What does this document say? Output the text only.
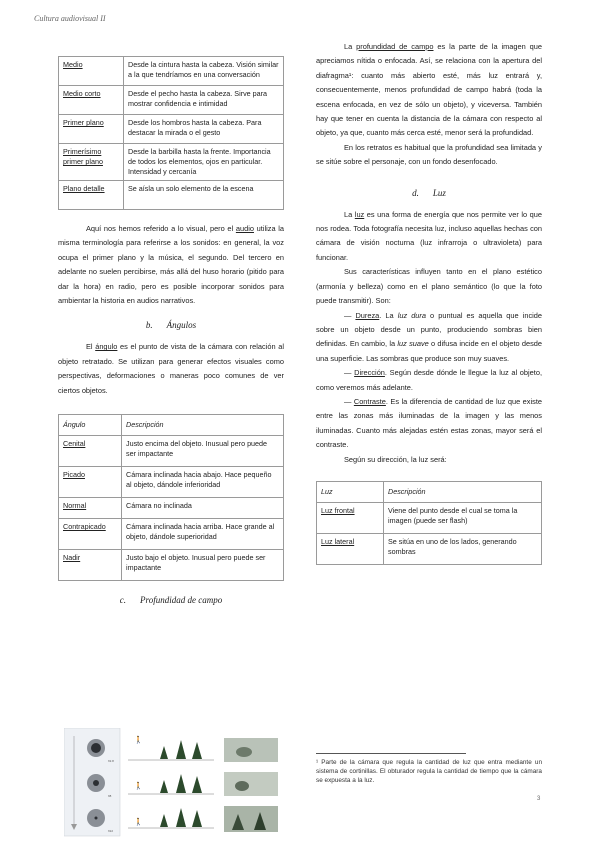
Cultura audiovisual II
Medio	Desde la cintura hasta la cabeza. Visión similar a la que tendríamos en una conversación
Medio corto	Desde el pecho hasta la cabeza. Sirve para mostrar confidencia e intimidad
Primer plano	Desde los hombros hasta la cabeza. Para destacar la mirada o el gesto
Primerísimo primer plano	Desde la barbilla hasta la frente. Importancia de todos los elementos, ojos en particular. Intensidad y cercanía
Plano detalle	Se aísla un solo elemento de la escena

Aquí nos hemos referido a lo visual, pero el audio utiliza la misma terminología para referirse a los sonidos: en general, la voz ocupa el primer plano y la música, el segundo. Del tercero en adelante no suelen percibirse, más allá del huso horario (pitido para dar la hora) en radio, pero es posible incorporar sonidos para ambientar la historia en audios narrativos.

b. Ángulos

El ángulo es el punto de vista de la cámara con relación al objeto retratado. Se utilizan para generar efectos visuales como perspectivas, deformaciones o maneras poco comunes de ver ciertos objetos.

Ángulo	Descripción
Cenital	Justo encima del objeto. Inusual pero puede ser impactante
Picado	Cámara inclinada hacia abajo. Hace pequeño al objeto, dándole inferioridad
Normal	Cámara no inclinada
Contrapicado	Cámara inclinada hacia arriba. Hace grande al objeto, dándole superioridad
Nadir	Justo bajo el objeto. Inusual pero puede ser impactante
c. Profundidad de campo
f/2.8
f/8
f/22
🚶
🚶
🚶

La profundidad de campo es la parte de la imagen que apreciamos nítida o enfocada. Así, se relaciona con la apertura del diafragma¹: cuanto más abierto esté, más luz entrará y, consecuentemente, menos profundidad de campo habrá (toda la escena enfocada, en vez de sólo un objeto), y viceversa. También hay que tener en cuenta la distancia de la cámara con respecto al objeto, ya que, cuanto más cerca esté, menor será la profundidad.

En los retratos es habitual que la profundidad sea limitada y se sitúe sobre el personaje, con un fondo desenfocado.

d. Luz

La luz es una forma de energía que nos permite ver lo que nos rodea. Toda fotografía necesita luz, incluso aquellas hechas con cámara de visión nocturna (luz infrarroja o ultravioleta) para funcionar.

Sus características influyen tanto en el plano estético (armonía y belleza) como en el plano semántico (lo que la foto puede transmitir). Son:

— Dureza. La luz dura o puntual es aquella que incide sobre un objeto desde un punto, produciendo sombras bien definidas. En cambio, la luz suave o difusa incide en el objeto desde una superficie. Las sombras que produce son muy suaves.

— Dirección. Según desde dónde le llegue la luz al objeto, como veremos más adelante.

— Contraste. Es la diferencia de cantidad de luz que existe entre las zonas más iluminadas de la imagen y las menos iluminadas. Cuanto más alejadas estén estas zonas, mayor será el contraste.

Según su dirección, la luz será:

Luz	Descripción
Luz frontal	Viene del punto desde el cual se toma la imagen (puede ser flash)
Luz lateral	Se sitúa en uno de los lados, generando sombras
¹ Parte de la cámara que regula la cantidad de luz que entra mediante un sistema de cortinillas. El obturador regula la cantidad de tiempo que la cámara se expuesta a la luz.
3
